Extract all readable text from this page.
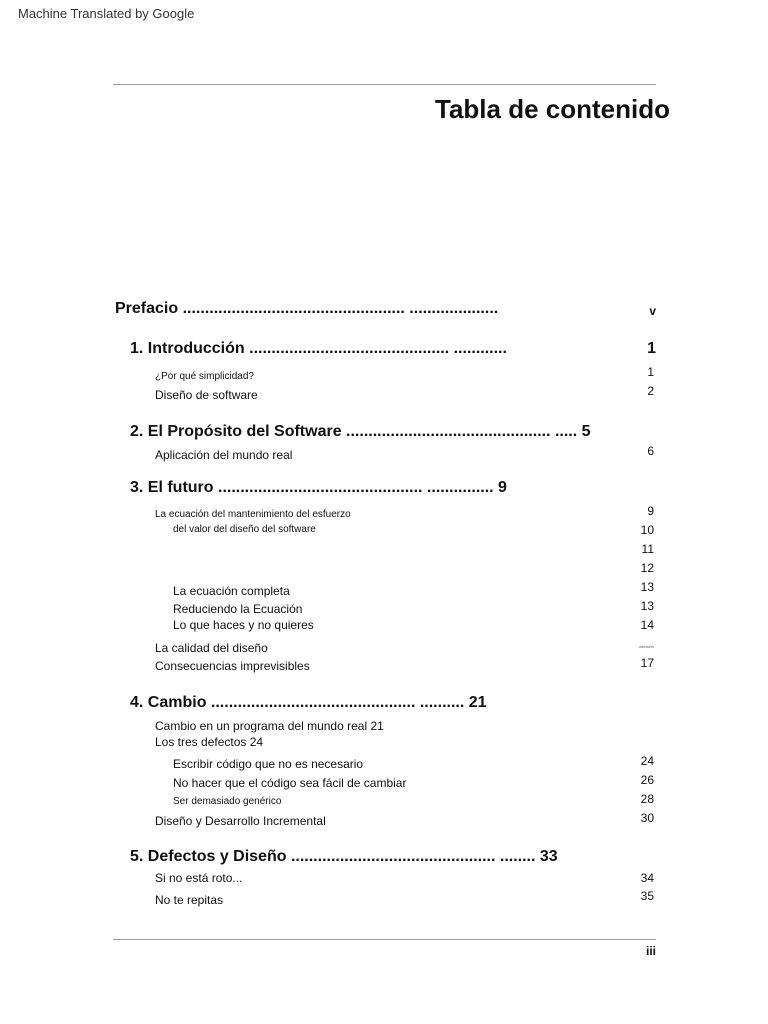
Machine Translated by Google
Tabla de contenido
Prefacio .................................................. ....................	v
1. Introducción ............................................. ............	1
¿Por qué simplicidad?	1
Diseño de software	2
2. El Propósito del Software .............................................. ..... 5
Aplicación del mundo real	6
3. El futuro .............................................. ............... 9
La ecuación del mantenimiento del esfuerzo	9
del valor del diseño del software	10
11
12
La ecuación completa	13
Reduciendo la Ecuación	13
Lo que haces y no quieres	14
La calidad del diseño	dieciséis
Consecuencias imprevisibles	17
4. Cambio .............................................. .......... 21
Cambio en un programa del mundo real 21
Los tres defectos 24
Escribir código que no es necesario	24
No hacer que el código sea fácil de cambiar	26
Ser demasiado genérico	28
Diseño y Desarrollo Incremental	30
5. Defectos y Diseño .............................................. ........ 33
Si no está roto...	34
No te repitas	35
iii
